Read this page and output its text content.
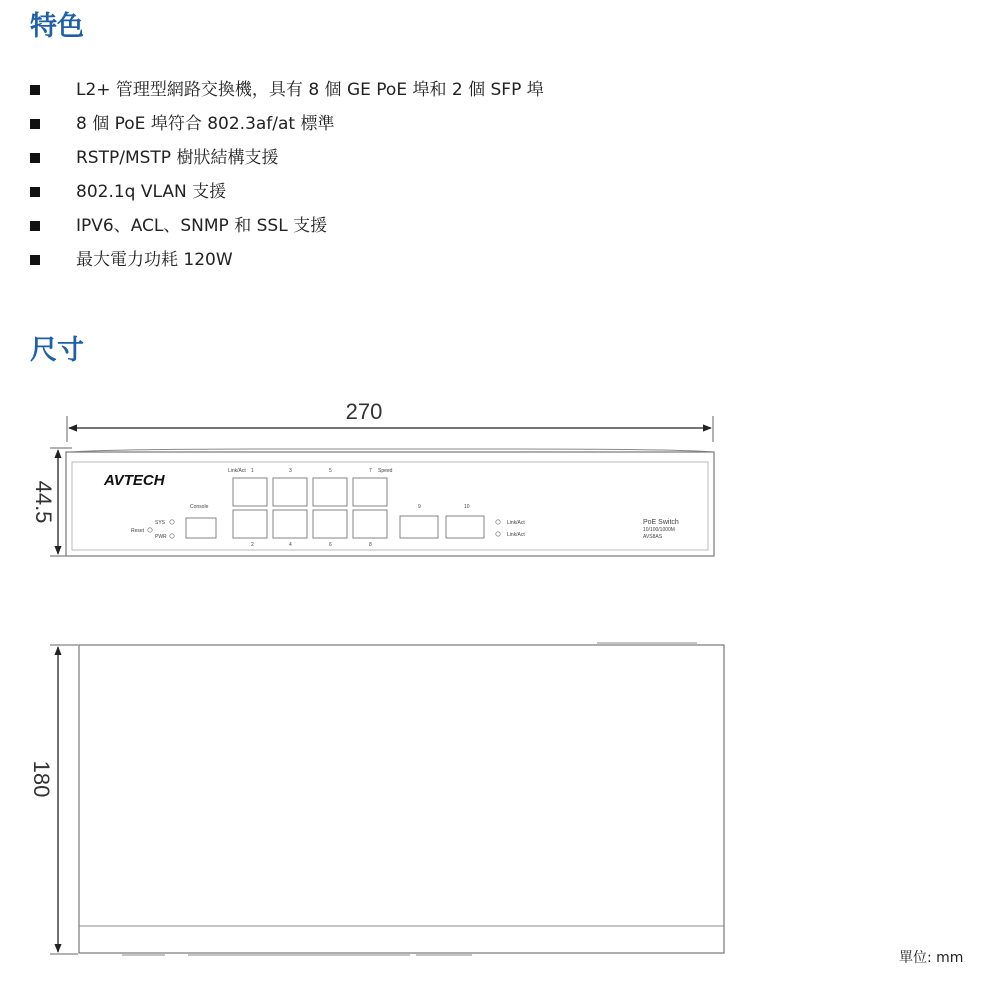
特色
L2+ 管理型網路交換機，具有 8 個 GE PoE 埠和 2 個 SFP 埠
8 個 PoE 埠符合 802.3af/at 標準
RSTP/MSTP 樹狀結構支援
802.1q VLAN 支援
IPV6、ACL、SNMP 和 SSL 支援
最大電力功耗 120W
尺寸
270
44.5
AVTECH
Link/Act 1	3	5	7 Speed
2	4	6	8
Console
SYS
Reset
PWR
9	10
Link/Act
Link/Act
PoE Switch
10/100/1000M
AVS8AS
180
單位: mm
